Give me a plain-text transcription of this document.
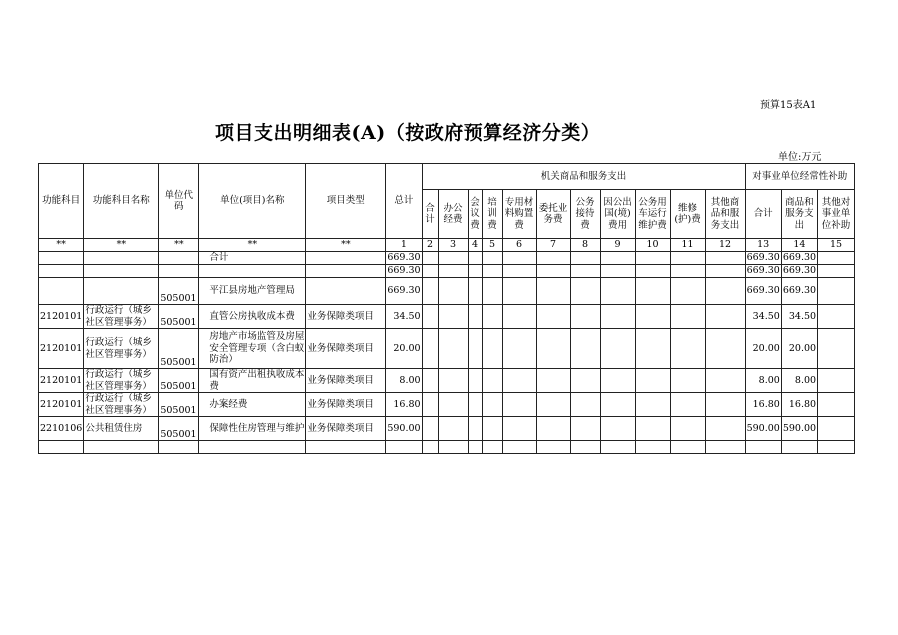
预算15表A1
项目支出明细表(A)（按政府预算经济分类）
单位:万元
功能科目	功能科目名称	单位代码	单位(项目)名称	项目类型	总计	机关商品和服务支出											对事业单位经常性补助		
						合计	办公经费	会议费	培训费	专用材料购置费	委托业务费	公务接待费	因公出国(境)费用	公务用车运行维护费	维修(护)费	其他商品和服务支出	合计	商品和服务支出	其他对事业单位补助

**	**	**	**	**	1	2	3	4	5	6	7	8	9	10	11	12	13	14	15
			合计		669.30												669.30	669.30	
					669.30												669.30	669.30	
		505001	平江县房地产管理局		669.30												669.30	669.30	
2120101	行政运行（城乡社区管理事务）	505001	直管公房执收成本费	业务保障类项目	34.50												34.50	34.50	
2120101	行政运行（城乡社区管理事务）	505001	房地产市场监管及房屋安全管理专项（含白蚁防治）	业务保障类项目	20.00												20.00	20.00	
2120101	行政运行（城乡社区管理事务）	505001	国有资产出租执收成本费	业务保障类项目	8.00												8.00	8.00	
2120101	行政运行（城乡社区管理事务）	505001	办案经费	业务保障类项目	16.80												16.80	16.80	
2210106	公共租赁住房	505001	保障性住房管理与维护	业务保障类项目	590.00												590.00	590.00	
